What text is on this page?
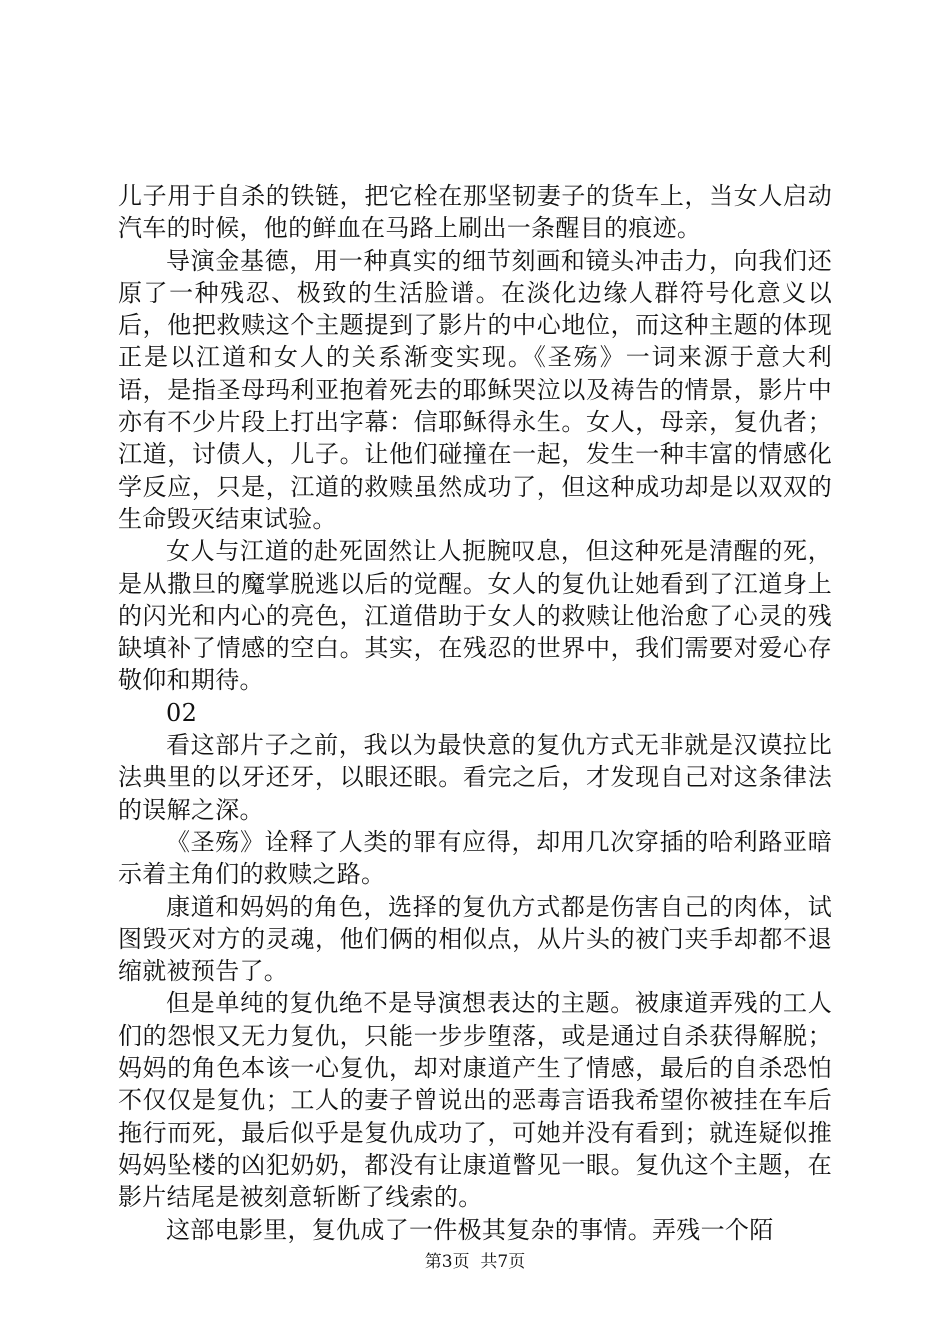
儿子用于自杀的铁链，把它栓在那坚韧妻子的货车上，当女人启动汽车的时候，他的鲜血在马路上刷出一条醒目的痕迹。

导演金基德，用一种真实的细节刻画和镜头冲击力，向我们还原了一种残忍、极致的生活脸谱。在淡化边缘人群符号化意义以后，他把救赎这个主题提到了影片的中心地位，而这种主题的体现正是以江道和女人的关系渐变实现。《圣殇》一词来源于意大利语，是指圣母玛利亚抱着死去的耶稣哭泣以及祷告的情景，影片中亦有不少片段上打出字幕：信耶稣得永生。女人，母亲，复仇者；江道，讨债人，儿子。让他们碰撞在一起，发生一种丰富的情感化学反应，只是，江道的救赎虽然成功了，但这种成功却是以双双的生命毁灭结束试验。

女人与江道的赴死固然让人扼腕叹息，但这种死是清醒的死，是从撒旦的魔掌脱逃以后的觉醒。女人的复仇让她看到了江道身上的闪光和内心的亮色，江道借助于女人的救赎让他治愈了心灵的残缺填补了情感的空白。其实，在残忍的世界中，我们需要对爱心存敬仰和期待。

02

看这部片子之前，我以为最快意的复仇方式无非就是汉谟拉比法典里的以牙还牙，以眼还眼。看完之后，才发现自己对这条律法的误解之深。

《圣殇》诠释了人类的罪有应得，却用几次穿插的哈利路亚暗示着主角们的救赎之路。

康道和妈妈的角色，选择的复仇方式都是伤害自己的肉体，试图毁灭对方的灵魂，他们俩的相似点，从片头的被门夹手却都不退缩就被预告了。

但是单纯的复仇绝不是导演想表达的主题。被康道弄残的工人们的怨恨又无力复仇，只能一步步堕落，或是通过自杀获得解脱；妈妈的角色本该一心复仇，却对康道产生了情感，最后的自杀恐怕不仅仅是复仇；工人的妻子曾说出的恶毒言语我希望你被挂在车后拖行而死，最后似乎是复仇成功了，可她并没有看到；就连疑似推妈妈坠楼的凶犯奶奶，都没有让康道瞥见一眼。复仇这个主题，在影片结尾是被刻意斩断了线索的。

这部电影里，复仇成了一件极其复杂的事情。弄残一个陌

第3页  共7页
